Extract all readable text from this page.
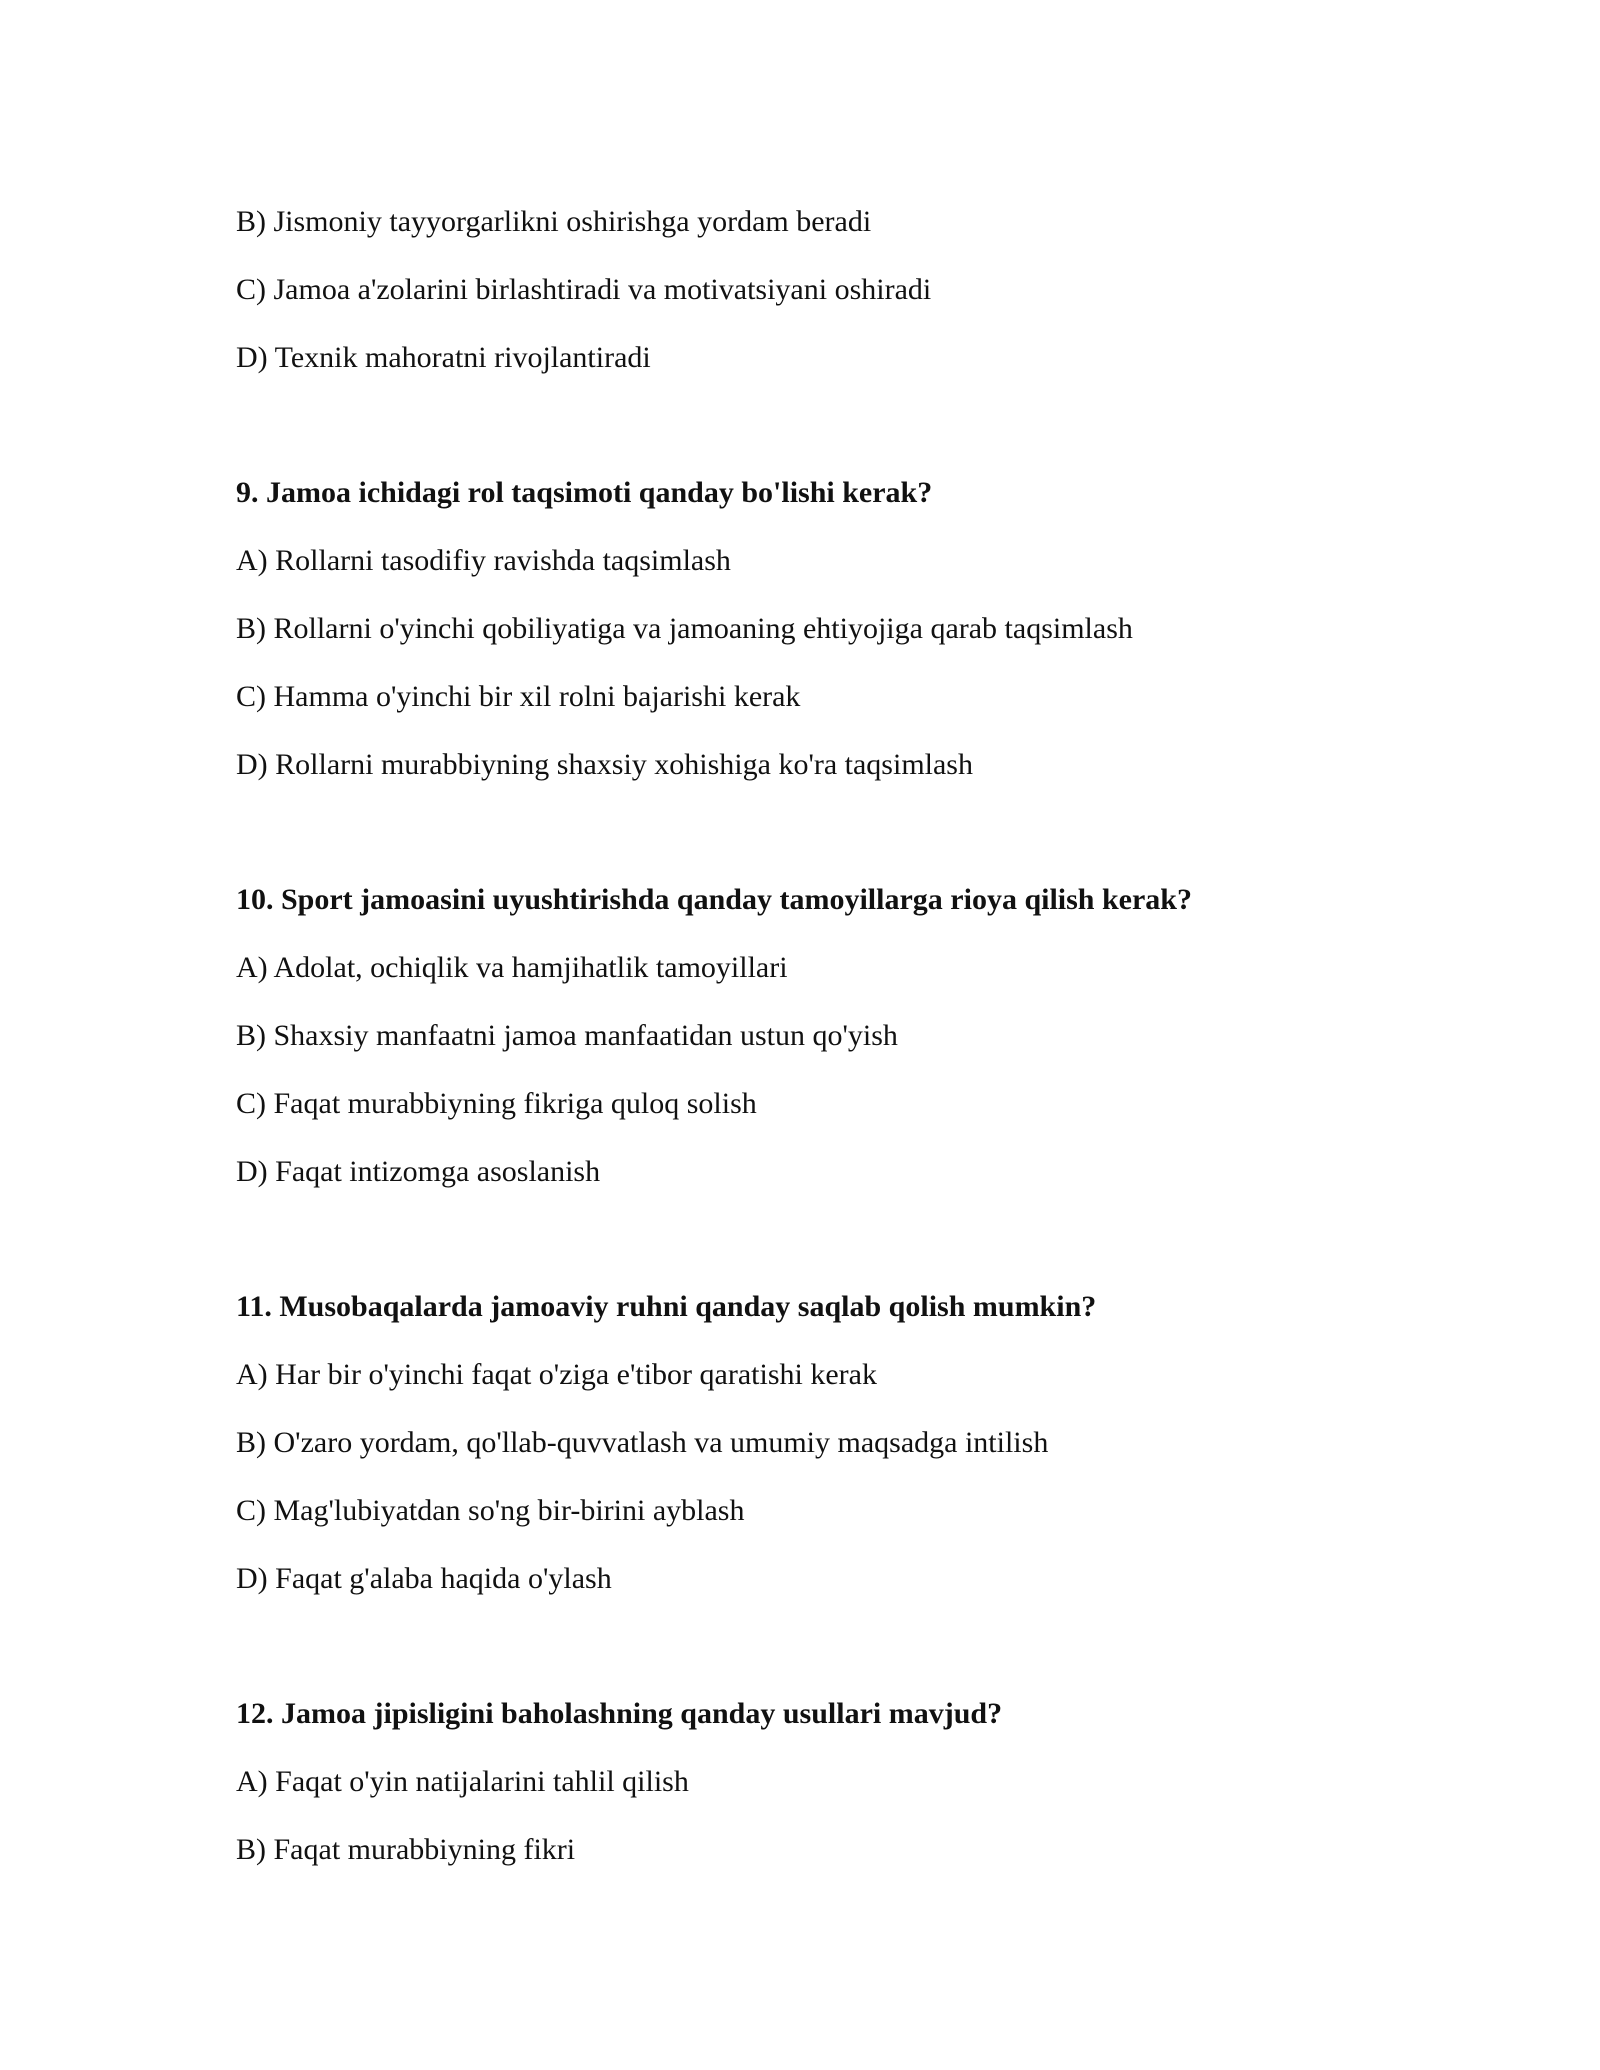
B) Jismoniy tayyorgarlikni oshirishga yordam beradi
C) Jamoa a'zolarini birlashtiradi va motivatsiyani oshiradi
D) Texnik mahoratni rivojlantiradi
9. Jamoa ichidagi rol taqsimoti qanday bo'lishi kerak?
A) Rollarni tasodifiy ravishda taqsimlash
B) Rollarni o'yinchi qobiliyatiga va jamoaning ehtiyojiga qarab taqsimlash
C) Hamma o'yinchi bir xil rolni bajarishi kerak
D) Rollarni murabbiyning shaxsiy xohishiga ko'ra taqsimlash
10. Sport jamoasini uyushtirishda qanday tamoyillarga rioya qilish kerak?
A) Adolat, ochiqlik va hamjihatlik tamoyillari
B) Shaxsiy manfaatni jamoa manfaatidan ustun qo'yish
C) Faqat murabbiyning fikriga quloq solish
D) Faqat intizomga asoslanish
11. Musobaqalarda jamoaviy ruhni qanday saqlab qolish mumkin?
A) Har bir o'yinchi faqat o'ziga e'tibor qaratishi kerak
B) O'zaro yordam, qo'llab-quvvatlash va umumiy maqsadga intilish
C) Mag'lubiyatdan so'ng bir-birini ayblash
D) Faqat g'alaba haqida o'ylash
12. Jamoa jipisligini baholashning qanday usullari mavjud?
A) Faqat o'yin natijalarini tahlil qilish
B) Faqat murabbiyning fikri
